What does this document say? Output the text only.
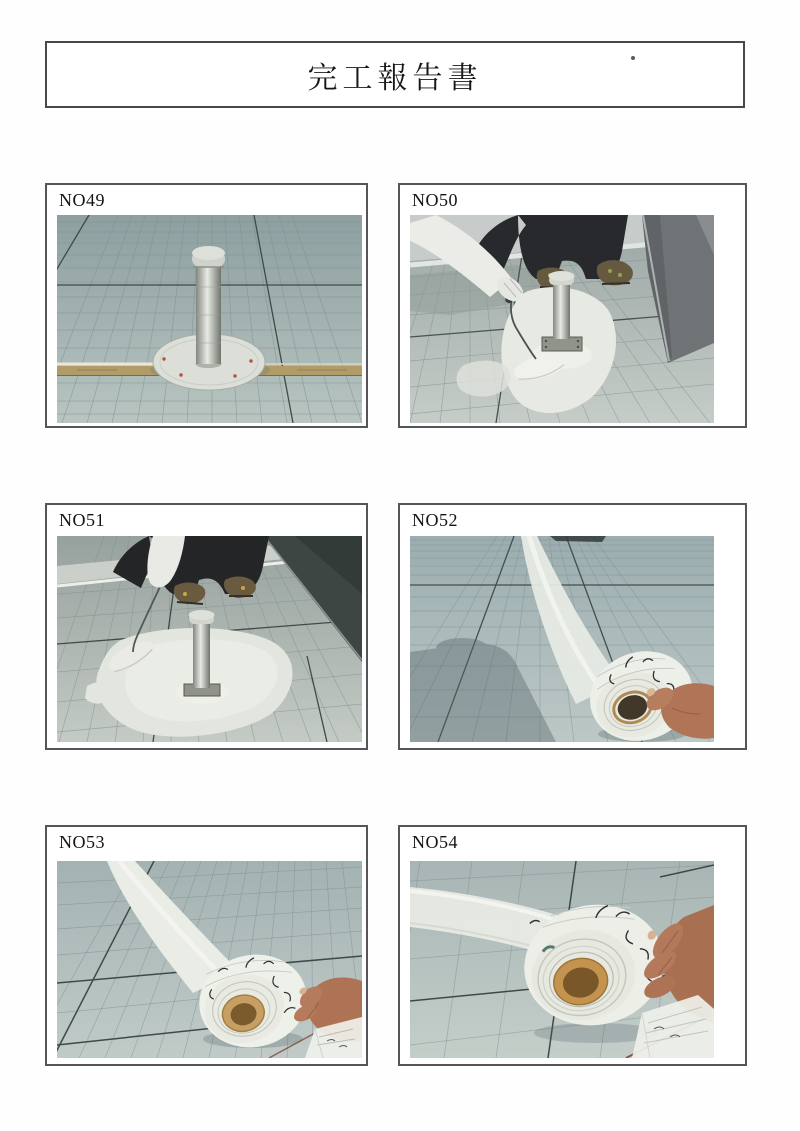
完工報告書
NO49	NO50
NO51	NO52
NO53	NO54
